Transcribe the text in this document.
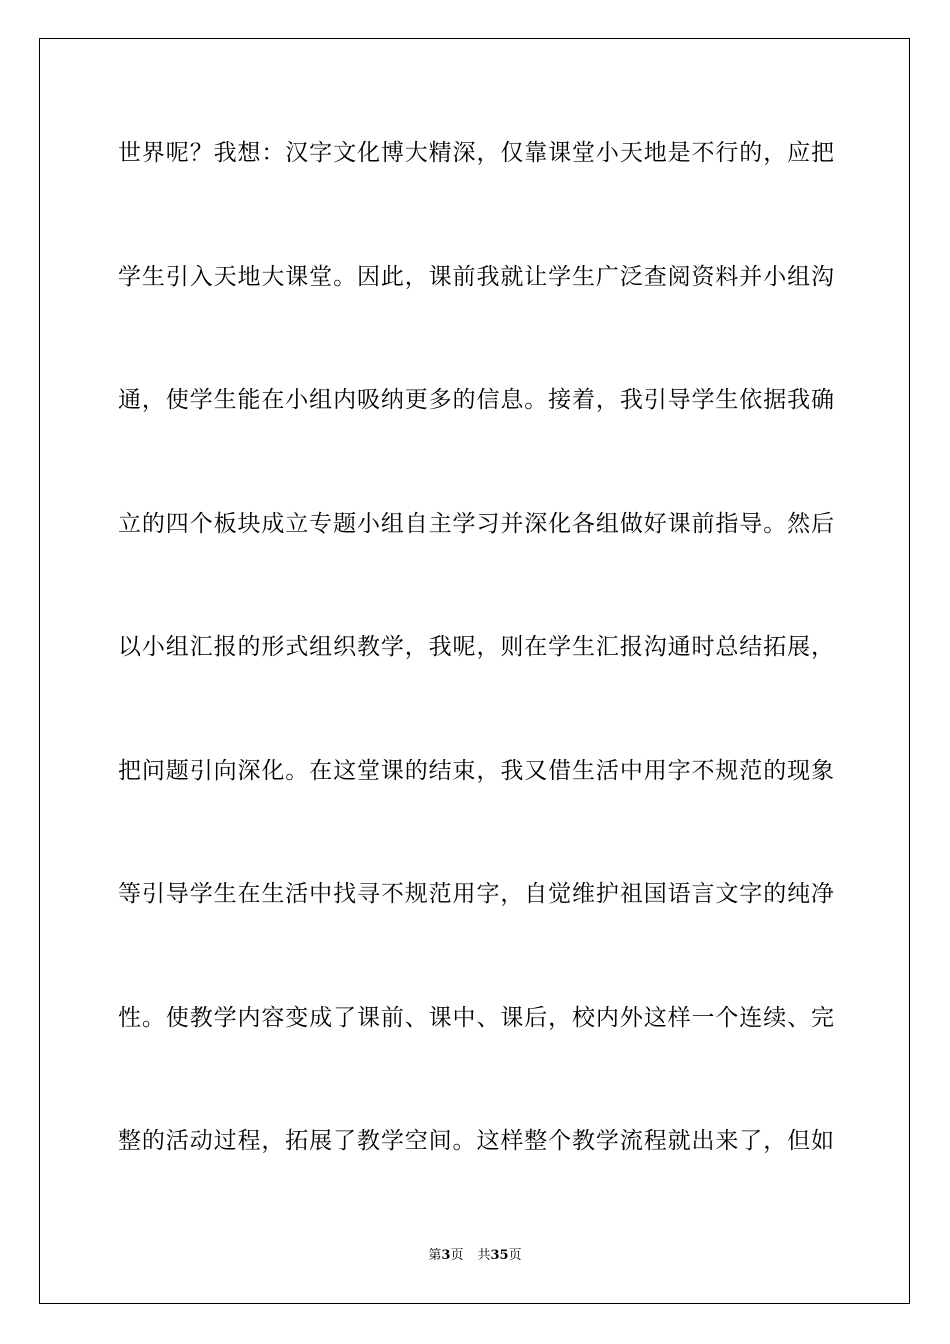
世界呢？我想：汉字文化博大精深，仅靠课堂小天地是不行的，应把
学生引入天地大课堂。因此，课前我就让学生广泛查阅资料并小组沟
通，使学生能在小组内吸纳更多的信息。接着，我引导学生依据我确
立的四个板块成立专题小组自主学习并深化各组做好课前指导。然后
以小组汇报的形式组织教学，我呢，则在学生汇报沟通时总结拓展，
把问题引向深化。在这堂课的结束，我又借生活中用字不规范的现象
等引导学生在生活中找寻不规范用字，自觉维护祖国语言文字的纯净
性。使教学内容变成了课前、课中、课后，校内外这样一个连续、完
整的活动过程，拓展了教学空间。这样整个教学流程就出来了，但如
第3页 共35页
